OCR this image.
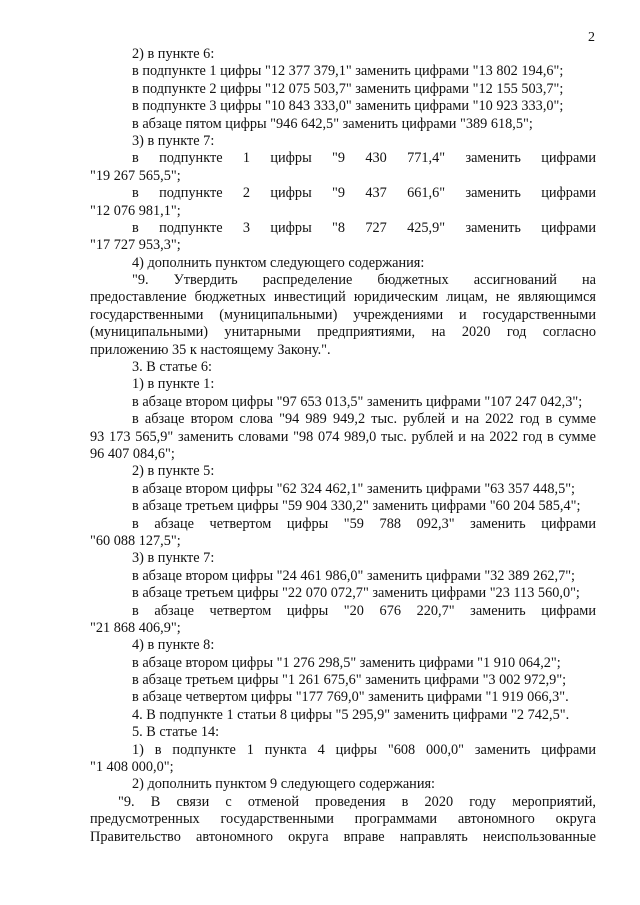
2
2) в пункте 6:
в подпункте 1 цифры "12 377 379,1" заменить цифрами "13 802 194,6";
в подпункте 2 цифры "12 075 503,7" заменить цифрами "12 155 503,7";
в подпункте 3 цифры "10 843 333,0" заменить цифрами "10 923 333,0";
в абзаце пятом цифры "946 642,5" заменить цифрами "389 618,5";
3) в пункте 7:
в подпункте 1 цифры "9 430 771,4" заменить цифрами
"19 267 565,5";
в подпункте 2 цифры "9 437 661,6" заменить цифрами
"12 076 981,1";
в подпункте 3 цифры "8 727 425,9" заменить цифрами
"17 727 953,3";
4) дополнить пунктом следующего содержания:
"9. Утвердить распределение бюджетных ассигнований на
предоставление бюджетных инвестиций юридическим лицам, не являющимся
государственными (муниципальными) учреждениями и государственными
(муниципальными) унитарными предприятиями, на 2020 год согласно
приложению 35 к настоящему Закону.".
3. В статье 6:
1) в пункте 1:
в абзаце втором цифры "97 653 013,5" заменить цифрами "107 247 042,3";
в абзаце втором слова "94 989 949,2 тыс. рублей и на 2022 год в сумме
93 173 565,9" заменить словами "98 074 989,0 тыс. рублей и на 2022 год в сумме
96 407 084,6";
2) в пункте 5:
в абзаце втором цифры "62 324 462,1" заменить цифрами "63 357 448,5";
в абзаце третьем цифры "59 904 330,2" заменить цифрами "60 204 585,4";
в абзаце четвертом цифры "59 788 092,3" заменить цифрами
"60 088 127,5";
3) в пункте 7:
в абзаце втором цифры "24 461 986,0" заменить цифрами "32 389 262,7";
в абзаце третьем цифры "22 070 072,7" заменить цифрами "23 113 560,0";
в абзаце четвертом цифры "20 676 220,7" заменить цифрами
"21 868 406,9";
4) в пункте 8:
в абзаце втором цифры "1 276 298,5" заменить цифрами "1 910 064,2";
в абзаце третьем цифры "1 261 675,6" заменить цифрами "3 002 972,9";
в абзаце четвертом цифры "177 769,0" заменить цифрами "1 919 066,3".
4. В подпункте 1 статьи 8 цифры "5 295,9" заменить цифрами "2 742,5".
5. В статье 14:
1) в подпункте 1 пункта 4 цифры "608 000,0" заменить цифрами
"1 408 000,0";
2) дополнить пунктом 9 следующего содержания:
"9. В связи с отменой проведения в 2020 году мероприятий,
предусмотренных государственными программами автономного округа
Правительство автономного округа вправе направлять неиспользованные
